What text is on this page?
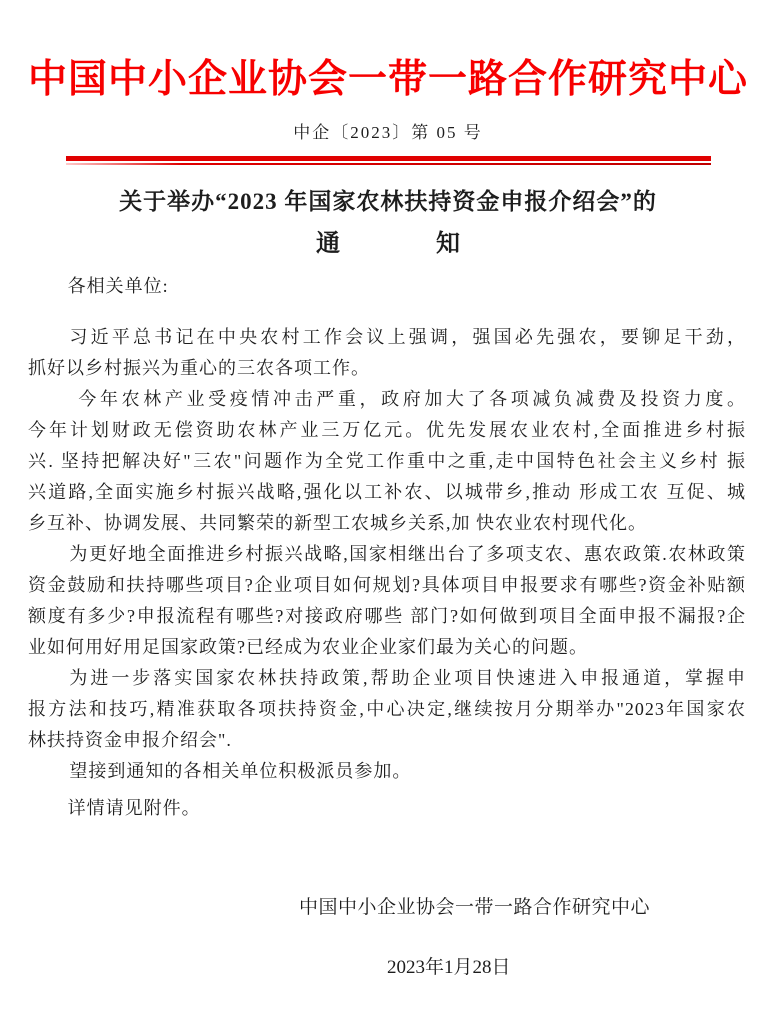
中国中小企业协会一带一路合作研究中心
中企〔2023〕第 05 号
关于举办“2023 年国家农林扶持资金申报介绍会”的
通　　　　知
各相关单位:
习近平总书记在中央农村工作会议上强调，强国必先强农，要铆足干劲，
抓好以乡村振兴为重心的三农各项工作。
今年农林产业受疫情冲击严重，政府加大了各项减负减费及投资力度。
今年计划财政无偿资助农林产业三万亿元。优先发展农业农村,全面推进乡村振
兴. 坚持把解决好"三农"问题作为全党工作重中之重,走中国特色社会主义乡村 振
兴道路,全面实施乡村振兴战略,强化以工补农、以城带乡,推动 形成工农 互促、城
乡互补、协调发展、共同繁荣的新型工农城乡关系,加 快农业农村现代化。
为更好地全面推进乡村振兴战略,国家相继出台了多项支农、惠农政策.农林政策
资金鼓励和扶持哪些项目?企业项目如何规划?具体项目申报要求有哪些?资金补贴额
额度有多少?申报流程有哪些?对接政府哪些 部门?如何做到项目全面申报不漏报?企
业如何用好用足国家政策?已经成为农业企业家们最为关心的问题。
为进一步落实国家农林扶持政策,帮助企业项目快速进入申报通道，掌握申
报方法和技巧,精准获取各项扶持资金,中心决定,继续按月分期举办"2023年国家农
林扶持资金申报介绍会".
望接到通知的各相关单位积极派员参加。
详情请见附件。
中国中小企业协会一带一路合作研究中心
2023年1月28日
